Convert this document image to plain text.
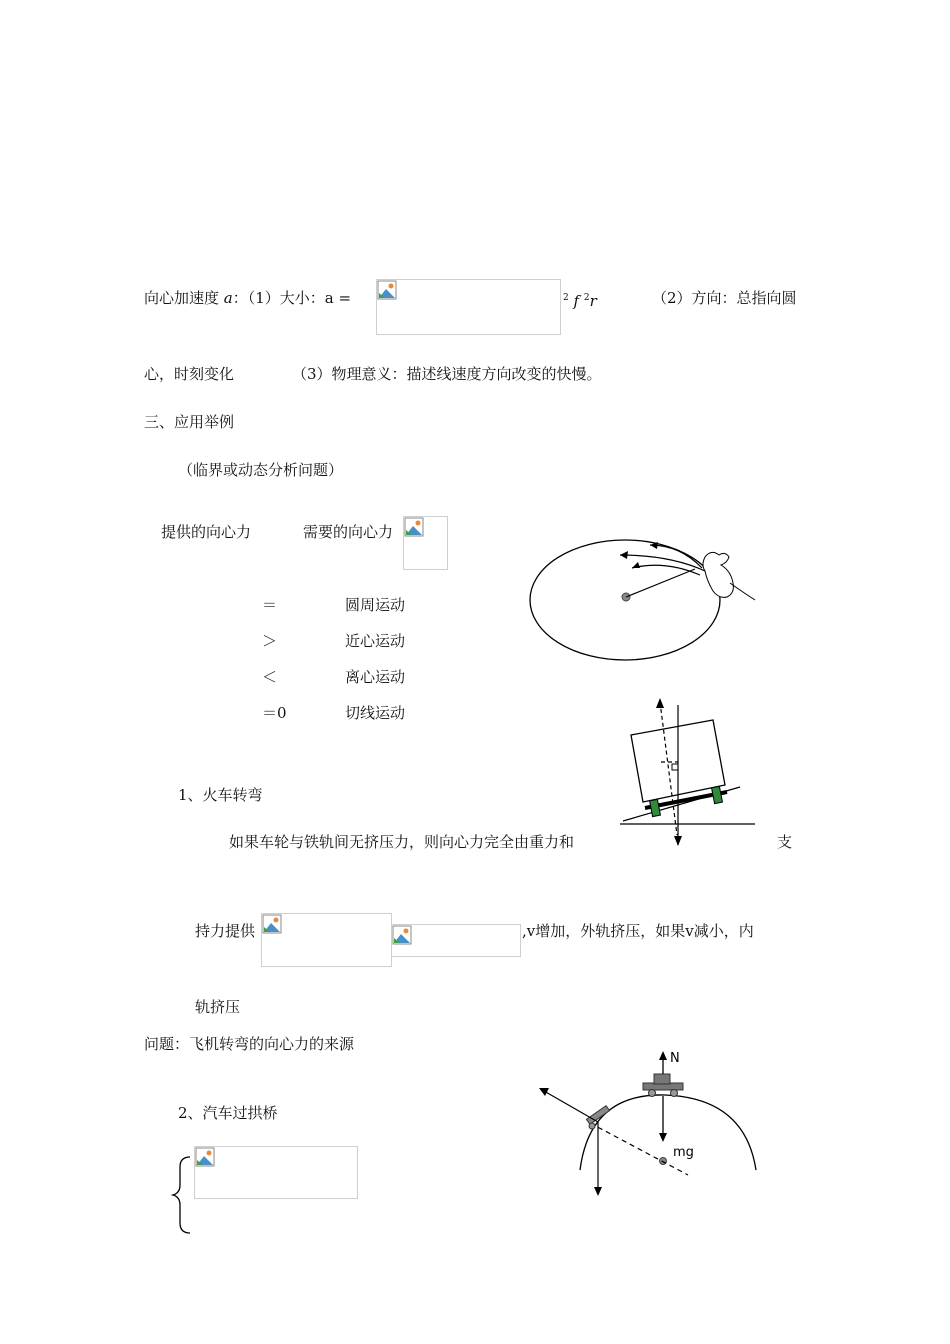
向心加速度 a：（1）大小：a =	$^2$ f $^2$r	（2）方向：总指向圆
心，时刻变化	（3）物理意义：描述线速度方向改变的快慢。
三、应用举例
（临界或动态分析问题）
提供的向心力	需要的向心力
＝	圆周运动
＞	近心运动
＜	离心运动
＝0	切线运动
1、火车转弯
如果车轮与铁轨间无挤压力，则向心力完全由重力和	支
持力提供	,v增加，外轨挤压，如果v减小，内
轨挤压
问题：飞机转弯的向心力的来源
2、汽车过拱桥
N
mg
